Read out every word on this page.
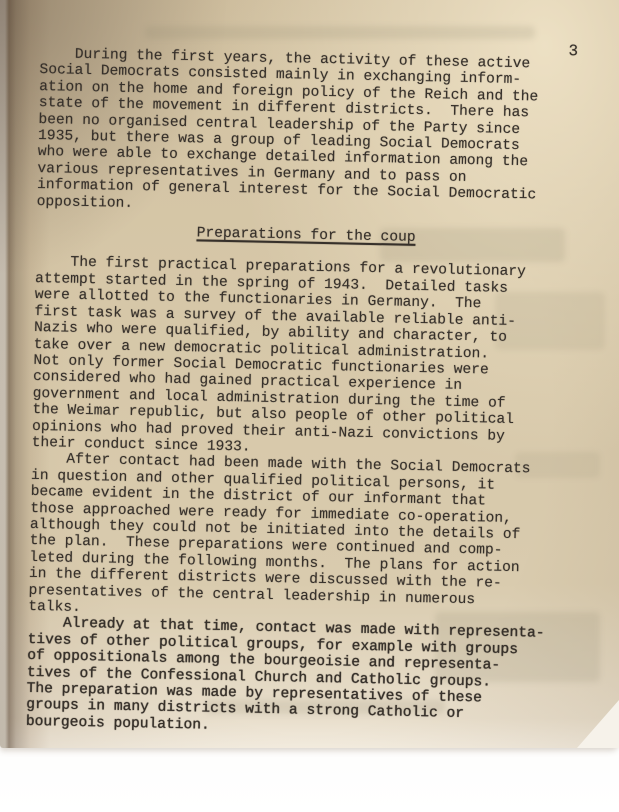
3
During the first years, the activity of these active
Social Democrats consisted mainly in exchanging inform-
ation on the home and foreign policy of the Reich and the
state of the movement in different districts.  There has
been no organised central leadership of the Party since
1935, but there was a group of leading Social Democrats
who were able to exchange detailed information among the
various representatives in Germany and to pass on
information of general interest for the Social Democratic
opposition.
Preparations for the coup
The first practical preparations for a revolutionary
attempt started in the spring of 1943.  Detailed tasks
were allotted to the functionaries in Germany.  The
first task was a survey of the available reliable anti-
Nazis who were qualified, by ability and character, to
take over a new democratic political administration.
Not only former Social Democratic functionaries were
considered who had gained practical experience in
government and local administration during the time of
the Weimar republic, but also people of other political
opinions who had proved their anti-Nazi convictions by
their conduct since 1933.
After contact had been made with the Social Democrats
in question and other qualified political persons, it
became evident in the district of our informant that
those approached were ready for immediate co-operation,
although they could not be initiated into the details of
the plan.  These preparations were continued and comp-
leted during the following months.  The plans for action
in the different districts were discussed with the re-
presentatives of the central leadership in numerous
talks.
Already at that time, contact was made with representa-
tives of other political groups, for example with groups
of oppositionals among the bourgeoisie and representa-
tives of the Confessional Church and Catholic groups.
The preparation was made by representatives of these
groups in many districts with a strong Catholic or
bourgeois population.
